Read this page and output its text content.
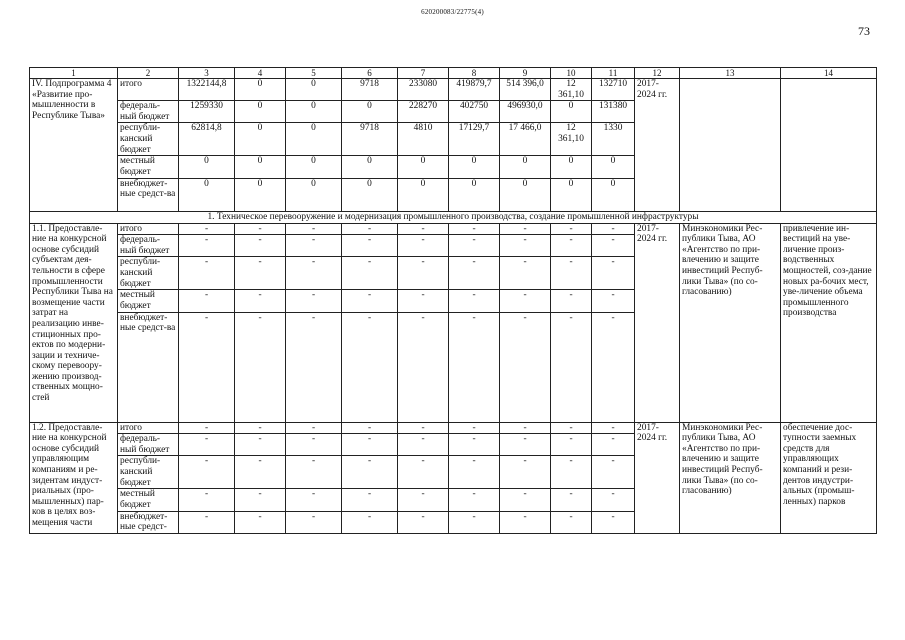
620200083/22775(4)
73
1	2	3	4	5	6	7	8	9	10	11	12	13	14
IV. Подпрограмма 4 «Развитие про-мышленности в Республике Тыва»	итого	1322144,8	0	0	9718	233080	419879,7	514 396,0	12 361,10	132710	2017-2024 гг.		
	федераль-ный бюджет	1259330	0	0	0	228270	402750	496930,0	0	131380			
	республи-канский бюджет	62814,8	0	0	9718	4810	17129,7	17 466,0	12 361,10	1330			
	местный бюджет	0	0	0	0	0	0	0	0	0			
	внебюджет-ные средст-ва	0	0	0	0	0	0	0	0	0			
1. Техническое перевооружение и модернизация промышленного производства, создание промышленной инфраструктуры													
1.1. Предоставле-ние на конкурсной основе субсидий субъектам дея-тельности в сфере промышленности Республики Тыва на возмещение части затрат на реализацию инве-стиционных про-ектов по модерни-зации и техниче-скому перевоору-жению производ-ственных мощно-стей	итого	-	-	-	-	-	-	-	-	-	2017-2024 гг.	Минэкономики Рес-публики Тыва, АО «Агентство по при-влечению и защите инвестиций Респуб-лики Тыва» (по со-гласованию)	привлечение ин-вестиций на уве-личение произ-водственных мощностей, соз-дание новых ра-бочих мест, уве-личение объема промышленного производства
	федераль-ный бюджет	-	-	-	-	-	-	-	-	-			
	республи-канский бюджет	-	-	-	-	-	-	-	-	-			
	местный бюджет	-	-	-	-	-	-	-	-	-			
	внебюджет-ные средст-ва	-	-	-	-	-	-	-	-	-			
1.2. Предоставле-ние на конкурсной основе субсидий управляющим компаниям и ре-зидентам индуст-риальных (про-мышленных) пар-ков в целях воз-мещения части	итого	-	-	-	-	-	-	-	-	-	2017-2024 гг.	Минэкономики Рес-публики Тыва, АО «Агентство по при-влечению и защите инвестиций Респуб-лики Тыва» (по со-гласованию)	обеспечение дос-тупности заемных средств для управляющих компаний и рези-дентов индустри-альных (промыш-ленных) парков
	федераль-ный бюджет	-	-	-	-	-	-	-	-	-			
	республи-канский бюджет	-	-	-	-	-	-	-	-	-			
	местный бюджет	-	-	-	-	-	-	-	-	-			
	внебюджет-ные средст-	-	-	-	-	-	-	-	-	-			
